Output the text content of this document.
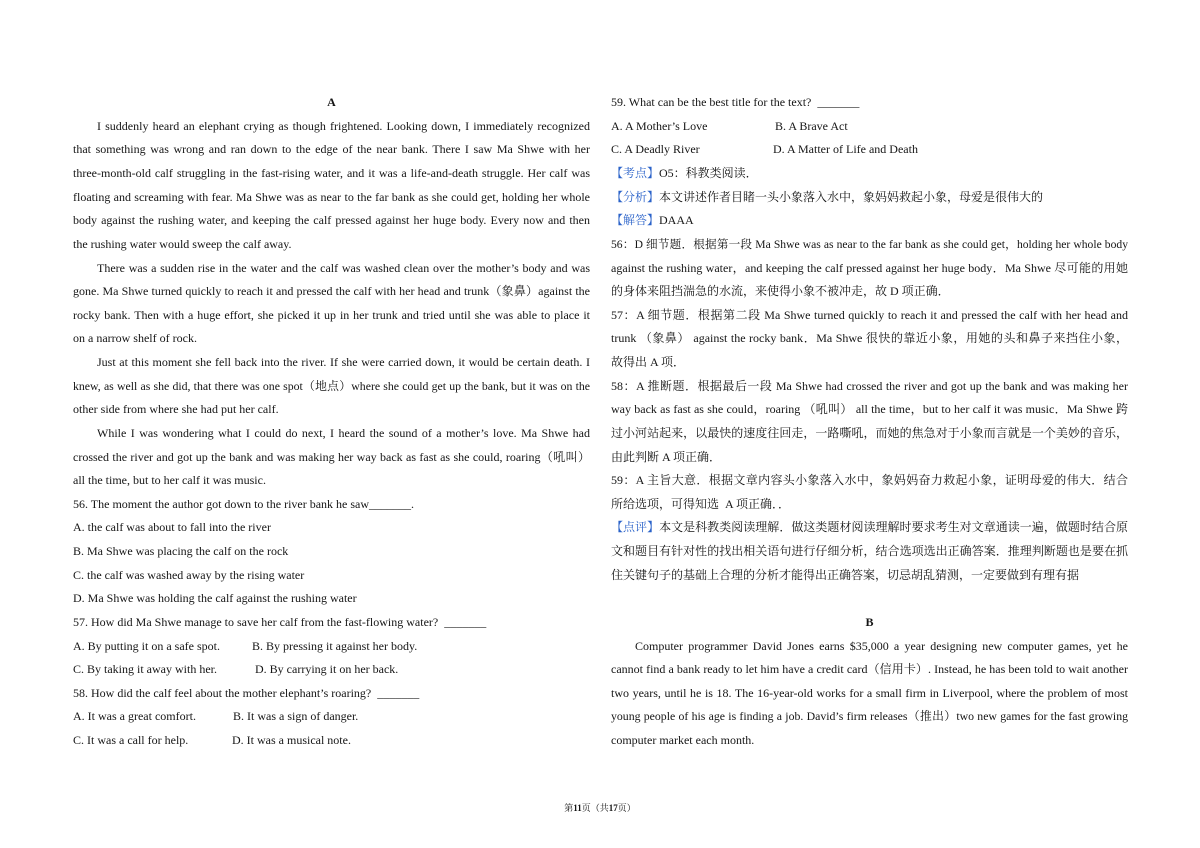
A
I suddenly heard an elephant crying as though frightened. Looking down, I immediately recognized
that something was wrong and ran down to the edge of the near bank. There I saw Ma Shwe with her
three-month-old calf struggling in the fast-rising water, and it was a life-and-death struggle. Her calf was
floating and screaming with fear. Ma Shwe was as near to the far bank as she could get, holding her whole
body against the rushing water, and keeping the calf pressed against her huge body. Every now and then
the rushing water would sweep the calf away.
There was a sudden rise in the water and the calf was washed clean over the mother’s body and was
gone. Ma Shwe turned quickly to reach it and pressed the calf with her head and trunk（象鼻）against the
rocky bank. Then with a huge effort, she picked it up in her trunk and tried until she was able to place it
on a narrow shelf of rock.
Just at this moment she fell back into the river. If she were carried down, it would be certain death. I
knew, as well as she did, that there was one spot（地点）where she could get up the bank, but it was on the
other side from where she had put her calf.
While I was wondering what I could do next, I heard the sound of a mother’s love. Ma Shwe had
crossed the river and got up the bank and was making her way back as fast as she could, roaring（吼叫）
all the time, but to her calf it was music.
56. The moment the author got down to the river bank he saw_______.
A. the calf was about to fall into the river
B. Ma Shwe was placing the calf on the rock
C. the calf was washed away by the rising water
D. Ma Shwe was holding the calf against the rushing water
57. How did Ma Shwe manage to save her calf from the fast-flowing water?  _______
A. By putting it on a safe spot.	B. By pressing it against her body.
C. By taking it away with her.	D. By carrying it on her back.
58. How did the calf feel about the mother elephant’s roaring?  _______
A. It was a great comfort.	B. It was a sign of danger.
C. It was a call for help.	D. It was a musical note.
59. What can be the best title for the text?  _______
A. A Mother’s Love	B. A Brave Act
C. A Deadly River	D. A Matter of Life and Death
【考点】O5：科教类阅读．
【分析】本文讲述作者目睹一头小象落入水中，象妈妈救起小象，母爱是很伟大的
【解答】DAAA
56：D 细节题．根据第一段 Ma Shwe was as near to the far bank as she could get，holding her whole body
against the rushing water，and keeping the calf pressed against her huge body．Ma Shwe 尽可能的用她
的身体来阻挡湍急的水流，来使得小象不被冲走，故 D 项正确．
57：A 细节题．根据第二段 Ma Shwe turned quickly to reach it and pressed the calf with her head and
trunk （象鼻） against the rocky bank．Ma Shwe 很快的靠近小象，用她的头和鼻子来挡住小象，
故得出 A 项．
58：A 推断题．根据最后一段 Ma Shwe had crossed the river and got up the bank and was making her
way back as fast as she could，roaring （吼叫） all the time，but to her calf it was music．Ma Shwe 跨
过小河站起来，以最快的速度往回走，一路嘶吼，而她的焦急对于小象而言就是一个美妙的音乐，
由此判断 A 项正确．
59：A 主旨大意．根据文章内容头小象落入水中，象妈妈奋力救起小象，证明母爱的伟大．结合
所给选项，可得知选  A 项正确．．
【点评】本文是科教类阅读理解．做这类题材阅读理解时要求考生对文章通读一遍，做题时结合原
文和题目有针对性的找出相关语句进行仔细分析，结合选项选出正确答案．推理判断题也是要在抓
住关键句子的基础上合理的分析才能得出正确答案，切忌胡乱猜测，一定要做到有理有据
B
Computer programmer David Jones earns $35,000 a year designing new computer games, yet he
cannot find a bank ready to let him have a credit card（信用卡）. Instead, he has been told to wait another
two years, until he is 18. The 16-year-old works for a small firm in Liverpool, where the problem of most
young people of his age is finding a job. David’s firm releases（推出）two new games for the fast growing
computer market each month.
第11页（共17页）
